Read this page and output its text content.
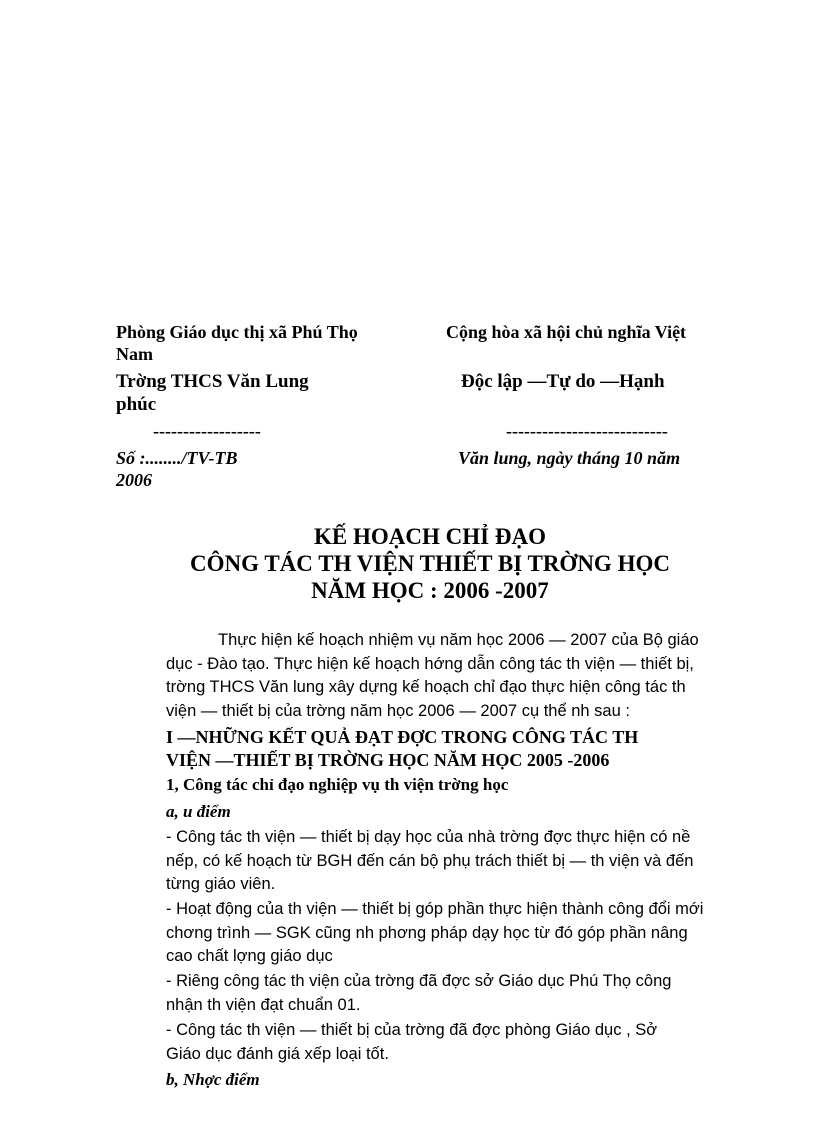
Phòng Giáo dục thị xã Phú Thọ	Cộng hòa xã hội chủ nghĩa Việt
Nam
Trờng THCS Văn Lung	Độc lập —Tự do —Hạnh
phúc
------------------	---------------------------
Số :......../TV-TB	Văn lung, ngày tháng 10 năm
2006
KẾ HOẠCH CHỈ ĐẠO
CÔNG TÁC TH VIỆN THIẾT BỊ TRỜNG HỌC
NĂM HỌC : 2006 -2007
Thực hiện kế hoạch nhiệm vụ năm học 2006 — 2007 của Bộ giáo
dục - Đào tạo. Thực hiện kế hoạch hớng dẫn công tác th viện — thiết bị,
trờng THCS Văn lung xây dựng kế hoạch chỉ đạo thực hiện công tác th
viện — thiết bị của trờng năm học 2006 — 2007 cụ thể nh sau :
I —NHỮNG KẾT QUẢ ĐẠT ĐỢC TRONG CÔNG TÁC TH
VIỆN —THIẾT BỊ TRỜNG HỌC NĂM HỌC 2005 -2006
1, Công tác chỉ đạo nghiệp vụ th viện trờng học
a, u điểm
- Công tác th viện — thiết bị dạy học của nhà trờng đợc thực hiện có nề
nếp, có kế hoạch từ BGH đến cán bộ phụ trách thiết bị — th viện và đến
từng giáo viên.
- Hoạt động của th viện — thiết bị góp phần thực hiện thành công đổi mới
chơng trình — SGK cũng nh phơng pháp dạy học từ đó góp phần nâng
cao chất lợng giáo dục
- Riêng công tác th viện của trờng đã đợc sở Giáo dục Phú Thọ công
nhận th viện đạt chuẩn 01.
- Công tác th viện — thiết bị của trờng đã đợc phòng Giáo dục , Sở
Giáo dục đánh giá xếp loại tốt.
b, Nhợc điểm
